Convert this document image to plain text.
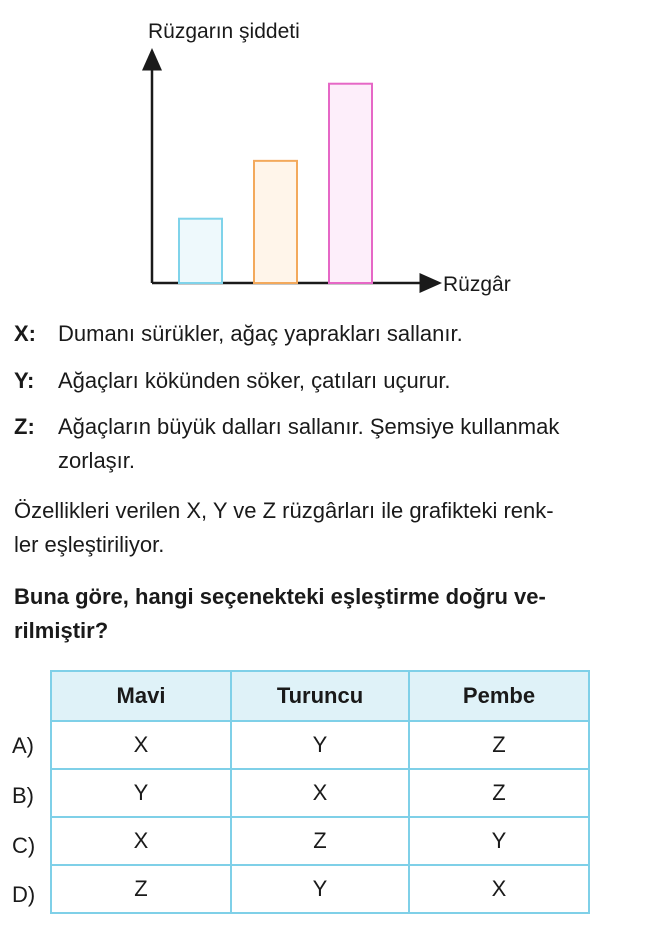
Rüzgarın şiddeti
Rüzgâr
X: Dumanı sürükler, ağaç yaprakları sallanır.
Y: Ağaçları kökünden söker, çatıları uçurur.
Z: Ağaçların büyük dalları sallanır. Şemsiye kullanmak
zorlaşır.
Özellikleri verilen X, Y ve Z rüzgârları ile grafikteki renk-
ler eşleştiriliyor.
Buna göre, hangi seçenekteki eşleştirme doğru ve-
rilmiştir?
A)
B)
C)
D)
Mavi	Turuncu	Pembe
X	Y	Z
Y	X	Z
X	Z	Y
Z	Y	X
